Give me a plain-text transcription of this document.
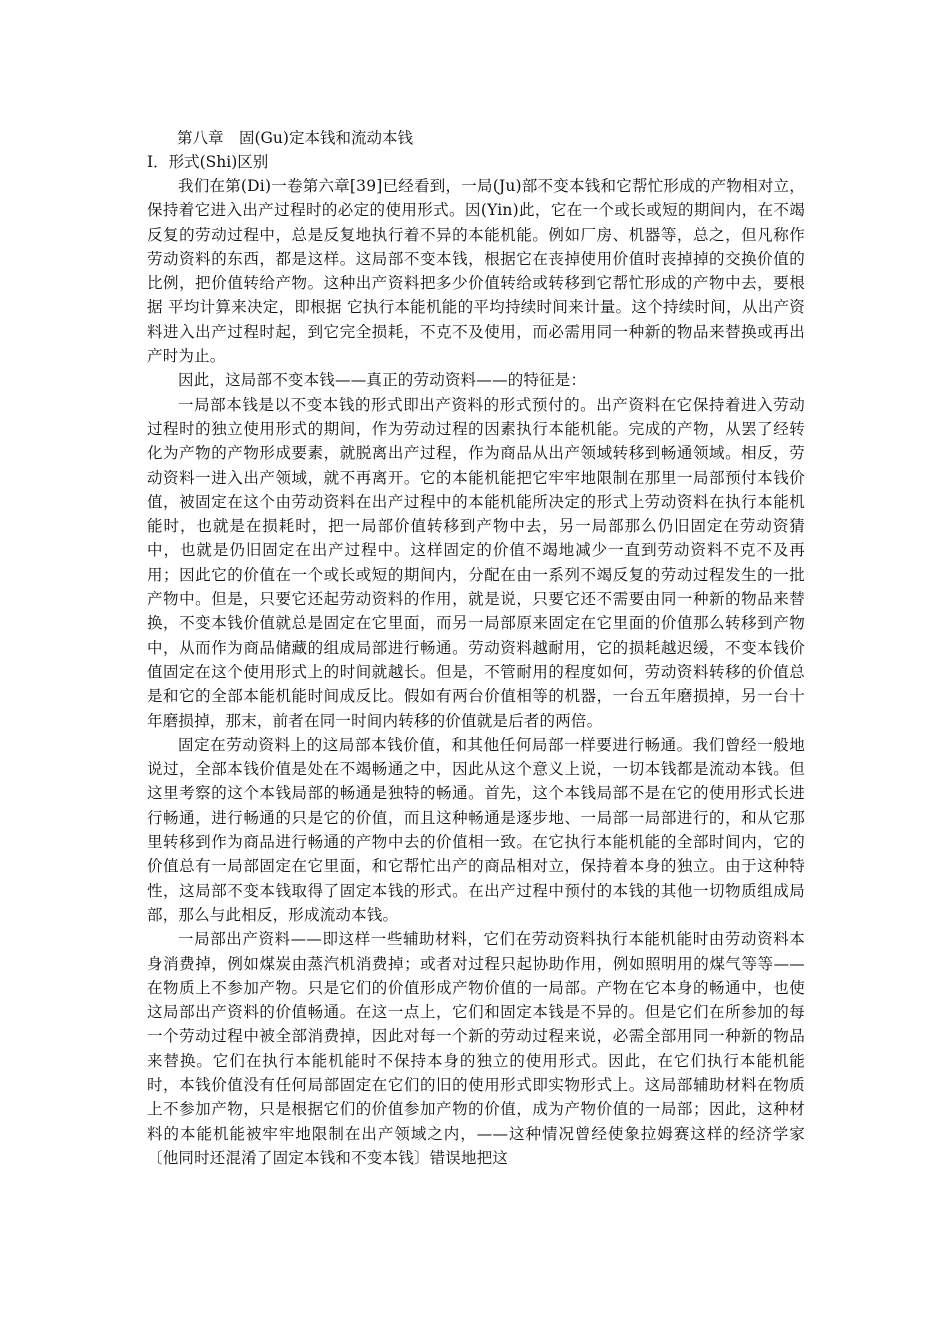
第八章　固(Gu)定本钱和流动本钱
Ⅰ．形式(Shi)区别

我们在第(Di)一卷第六章[39]已经看到，一局(Ju)部不变本钱和它帮忙形成的产物相对立，保持着它进入出产过程时的必定的使用形式。因(Yin)此，它在一个或长或短的期间内，在不竭反复的劳动过程中，总是反复地执行着不异的本能机能。例如厂房、机器等，总之，但凡称作劳动资料的东西，都是这样。这局部不变本钱，根据它在丧掉使用价值时丧掉掉的交换价值的比例，把价值转给产物。这种出产资料把多少价值转给或转移到它帮忙形成的产物中去，要根据 平均计算来决定，即根据 它执行本能机能的平均持续时间来计量。这个持续时间，从出产资料进入出产过程时起，到它完全损耗，不克不及使用，而必需用同一种新的物品来替换或再出产时为止。

因此，这局部不变本钱——真正的劳动资料——的特征是：

一局部本钱是以不变本钱的形式即出产资料的形式预付的。出产资料在它保持着进入劳动过程时的独立使用形式的期间，作为劳动过程的因素执行本能机能。完成的产物，从罢了经转化为产物的产物形成要素，就脱离出产过程，作为商品从出产领域转移到畅通领域。相反，劳动资料一进入出产领域，就不再离开。它的本能机能把它牢牢地限制在那里一局部预付本钱价值，被固定在这个由劳动资料在出产过程中的本能机能所决定的形式上劳动资料在执行本能机能时，也就是在损耗时，把一局部价值转移到产物中去，另一局部那么仍旧固定在劳动资猜中，也就是仍旧固定在出产过程中。这样固定的价值不竭地减少一直到劳动资料不克不及再用；因此它的价值在一个或长或短的期间内，分配在由一系列不竭反复的劳动过程发生的一批产物中。但是，只要它还起劳动资料的作用，就是说，只要它还不需要由同一种新的物品来替换，不变本钱价值就总是固定在它里面，而另一局部原来固定在它里面的价值那么转移到产物中，从而作为商品储藏的组成局部进行畅通。劳动资料越耐用，它的损耗越迟缓，不变本钱价值固定在这个使用形式上的时间就越长。但是，不管耐用的程度如何，劳动资料转移的价值总是和它的全部本能机能时间成反比。假如有两台价值相等的机器，一台五年磨损掉，另一台十年磨损掉，那末，前者在同一时间内转移的价值就是后者的两倍。

固定在劳动资料上的这局部本钱价值，和其他任何局部一样要进行畅通。我们曾经一般地说过，全部本钱价值是处在不竭畅通之中，因此从这个意义上说，一切本钱都是流动本钱。但这里考察的这个本钱局部的畅通是独特的畅通。首先，这个本钱局部不是在它的使用形式长进行畅通，进行畅通的只是它的价值，而且这种畅通是逐步地、一局部一局部进行的，和从它那里转移到作为商品进行畅通的产物中去的价值相一致。在它执行本能机能的全部时间内，它的价值总有一局部固定在它里面，和它帮忙出产的商品相对立，保持着本身的独立。由于这种特性，这局部不变本钱取得了固定本钱的形式。在出产过程中预付的本钱的其他一切物质组成局部，那么与此相反，形成流动本钱。

一局部出产资料——即这样一些辅助材料，它们在劳动资料执行本能机能时由劳动资料本身消费掉，例如煤炭由蒸汽机消费掉；或者对过程只起协助作用，例如照明用的煤气等等——在物质上不参加产物。只是它们的价值形成产物价值的一局部。产物在它本身的畅通中，也使这局部出产资料的价值畅通。在这一点上，它们和固定本钱是不异的。但是它们在所参加的每一个劳动过程中被全部消费掉，因此对每一个新的劳动过程来说，必需全部用同一种新的物品来替换。它们在执行本能机能时不保持本身的独立的使用形式。因此，在它们执行本能机能时，本钱价值没有任何局部固定在它们的旧的使用形式即实物形式上。这局部辅助材料在物质上不参加产物，只是根据它们的价值参加产物的价值，成为产物价值的一局部；因此，这种材料的本能机能被牢牢地限制在出产领域之内，——这种情况曾经使象拉姆赛这样的经济学家〔他同时还混淆了固定本钱和不变本钱〕错误地把这
